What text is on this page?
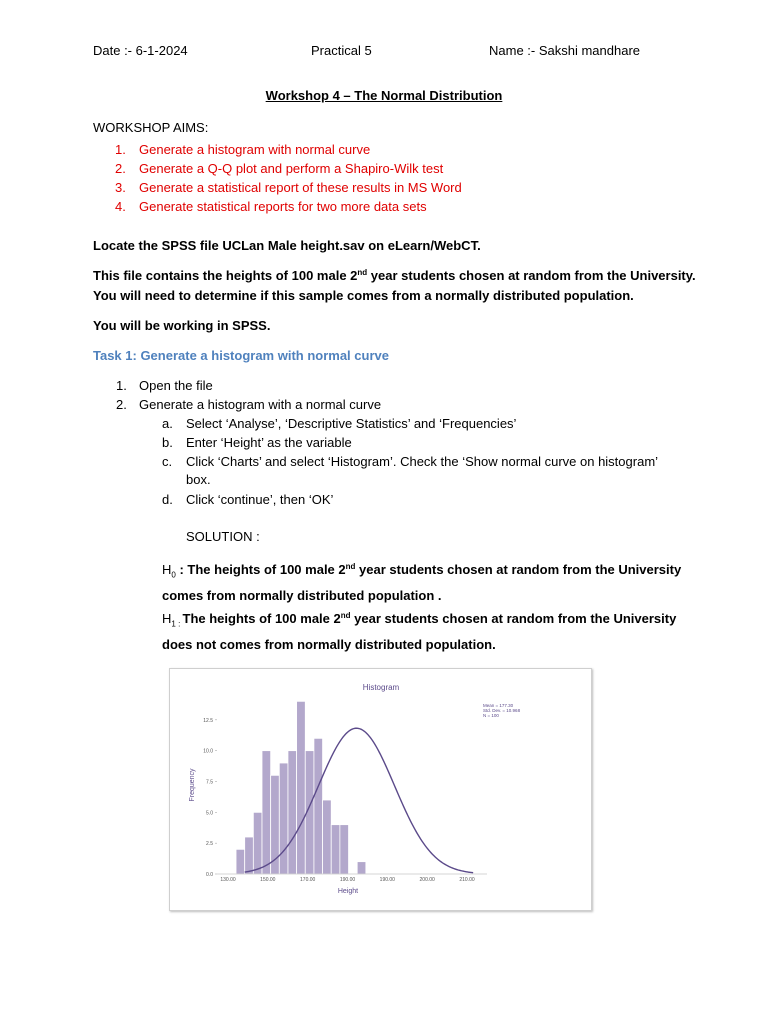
Date :- 6-1-2024	Practical 5	Name :- Sakshi mandhare
Workshop 4 – The Normal Distribution
WORKSHOP AIMS:
1. Generate a histogram with normal curve
2. Generate a Q-Q plot and perform a Shapiro-Wilk test
3. Generate a statistical report of these results in MS Word
4. Generate statistical reports for two more data sets
Locate the SPSS file UCLan Male height.sav on eLearn/WebCT.
This file contains the heights of 100 male 2nd year students chosen at random from the University.
You will need to determine if this sample comes from a normally distributed population.
You will be working in SPSS.
Task 1: Generate a histogram with normal curve
1. Open the file
2. Generate a histogram with a normal curve
a. Select ‘Analyse’, ‘Descriptive Statistics’ and ‘Frequencies’
b. Enter ‘Height’ as the variable
c. Click ‘Charts’ and select ‘Histogram’. Check the ‘Show normal curve on histogram’
box.
d. Click ‘continue’, then ‘OK’
SOLUTION :
$H_0$ : The heights of 100 male 2nd year students chosen at random from the University
comes from normally distributed population .
$H_{1 :}$ The heights of 100 male 2nd year students chosen at random from the University
does not comes from normally distributed population.
0.0
2.5
5.0
7.5
10.0
12.5
130.00	150.00	170.00	190.00	190.00	200.00	210.00
Histogram
Height
Frequency
Mean = 177.30
Std. Dev. = 10.968
N = 100
